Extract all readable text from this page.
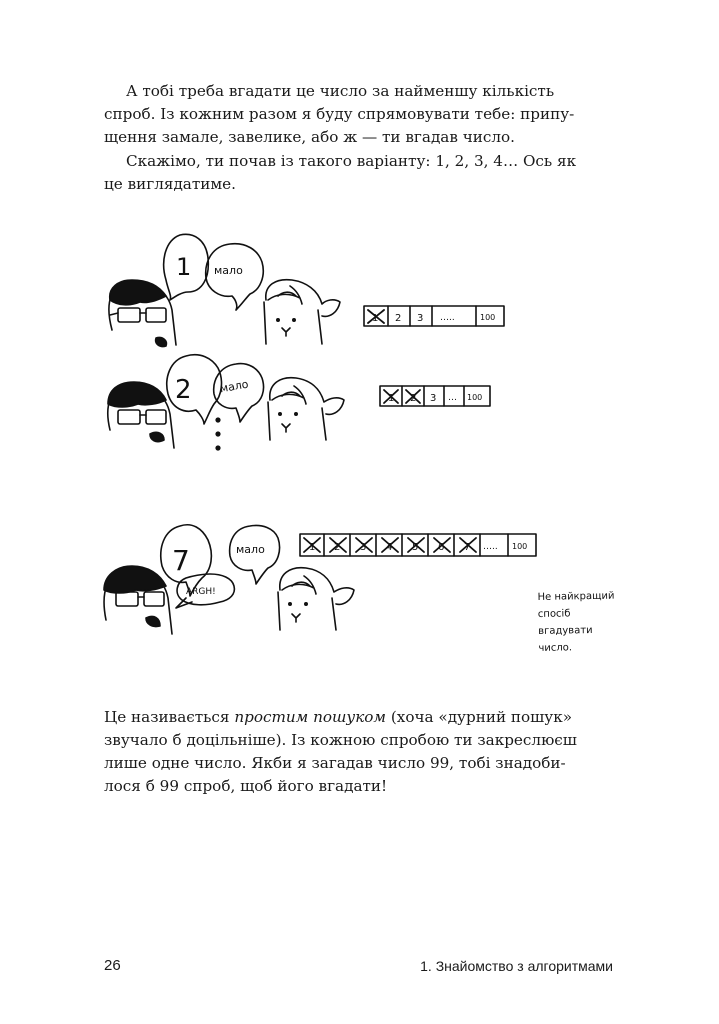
А тобі треба вгадати це число за найменшу кількість
спроб. Із кожним разом я буду спрямовувати тебе: припу-
щення замале, завелике, або ж — ти вгадав число.
Скажімо, ти почав із такого варіанту: 1, 2, 3, 4… Ось як
це виглядатиме.
1 мало
1 2 3 …..	100
2 мало
1 2 3 … 100
7
ARGH!
мало	1 2 3 4 5 6 7 ….. 100
Не найкращий
спосіб
вгадувати
число.
Це називається простим пошуком (хоча «дурний пошук»
звучало б доцільніше). Із кожною спробою ти закреслюєш
лише одне число. Якби я загадав число 99, тобі знадоби-
лося б 99 спроб, щоб його вгадати!
26	1. Знайомство з алгоритмами
